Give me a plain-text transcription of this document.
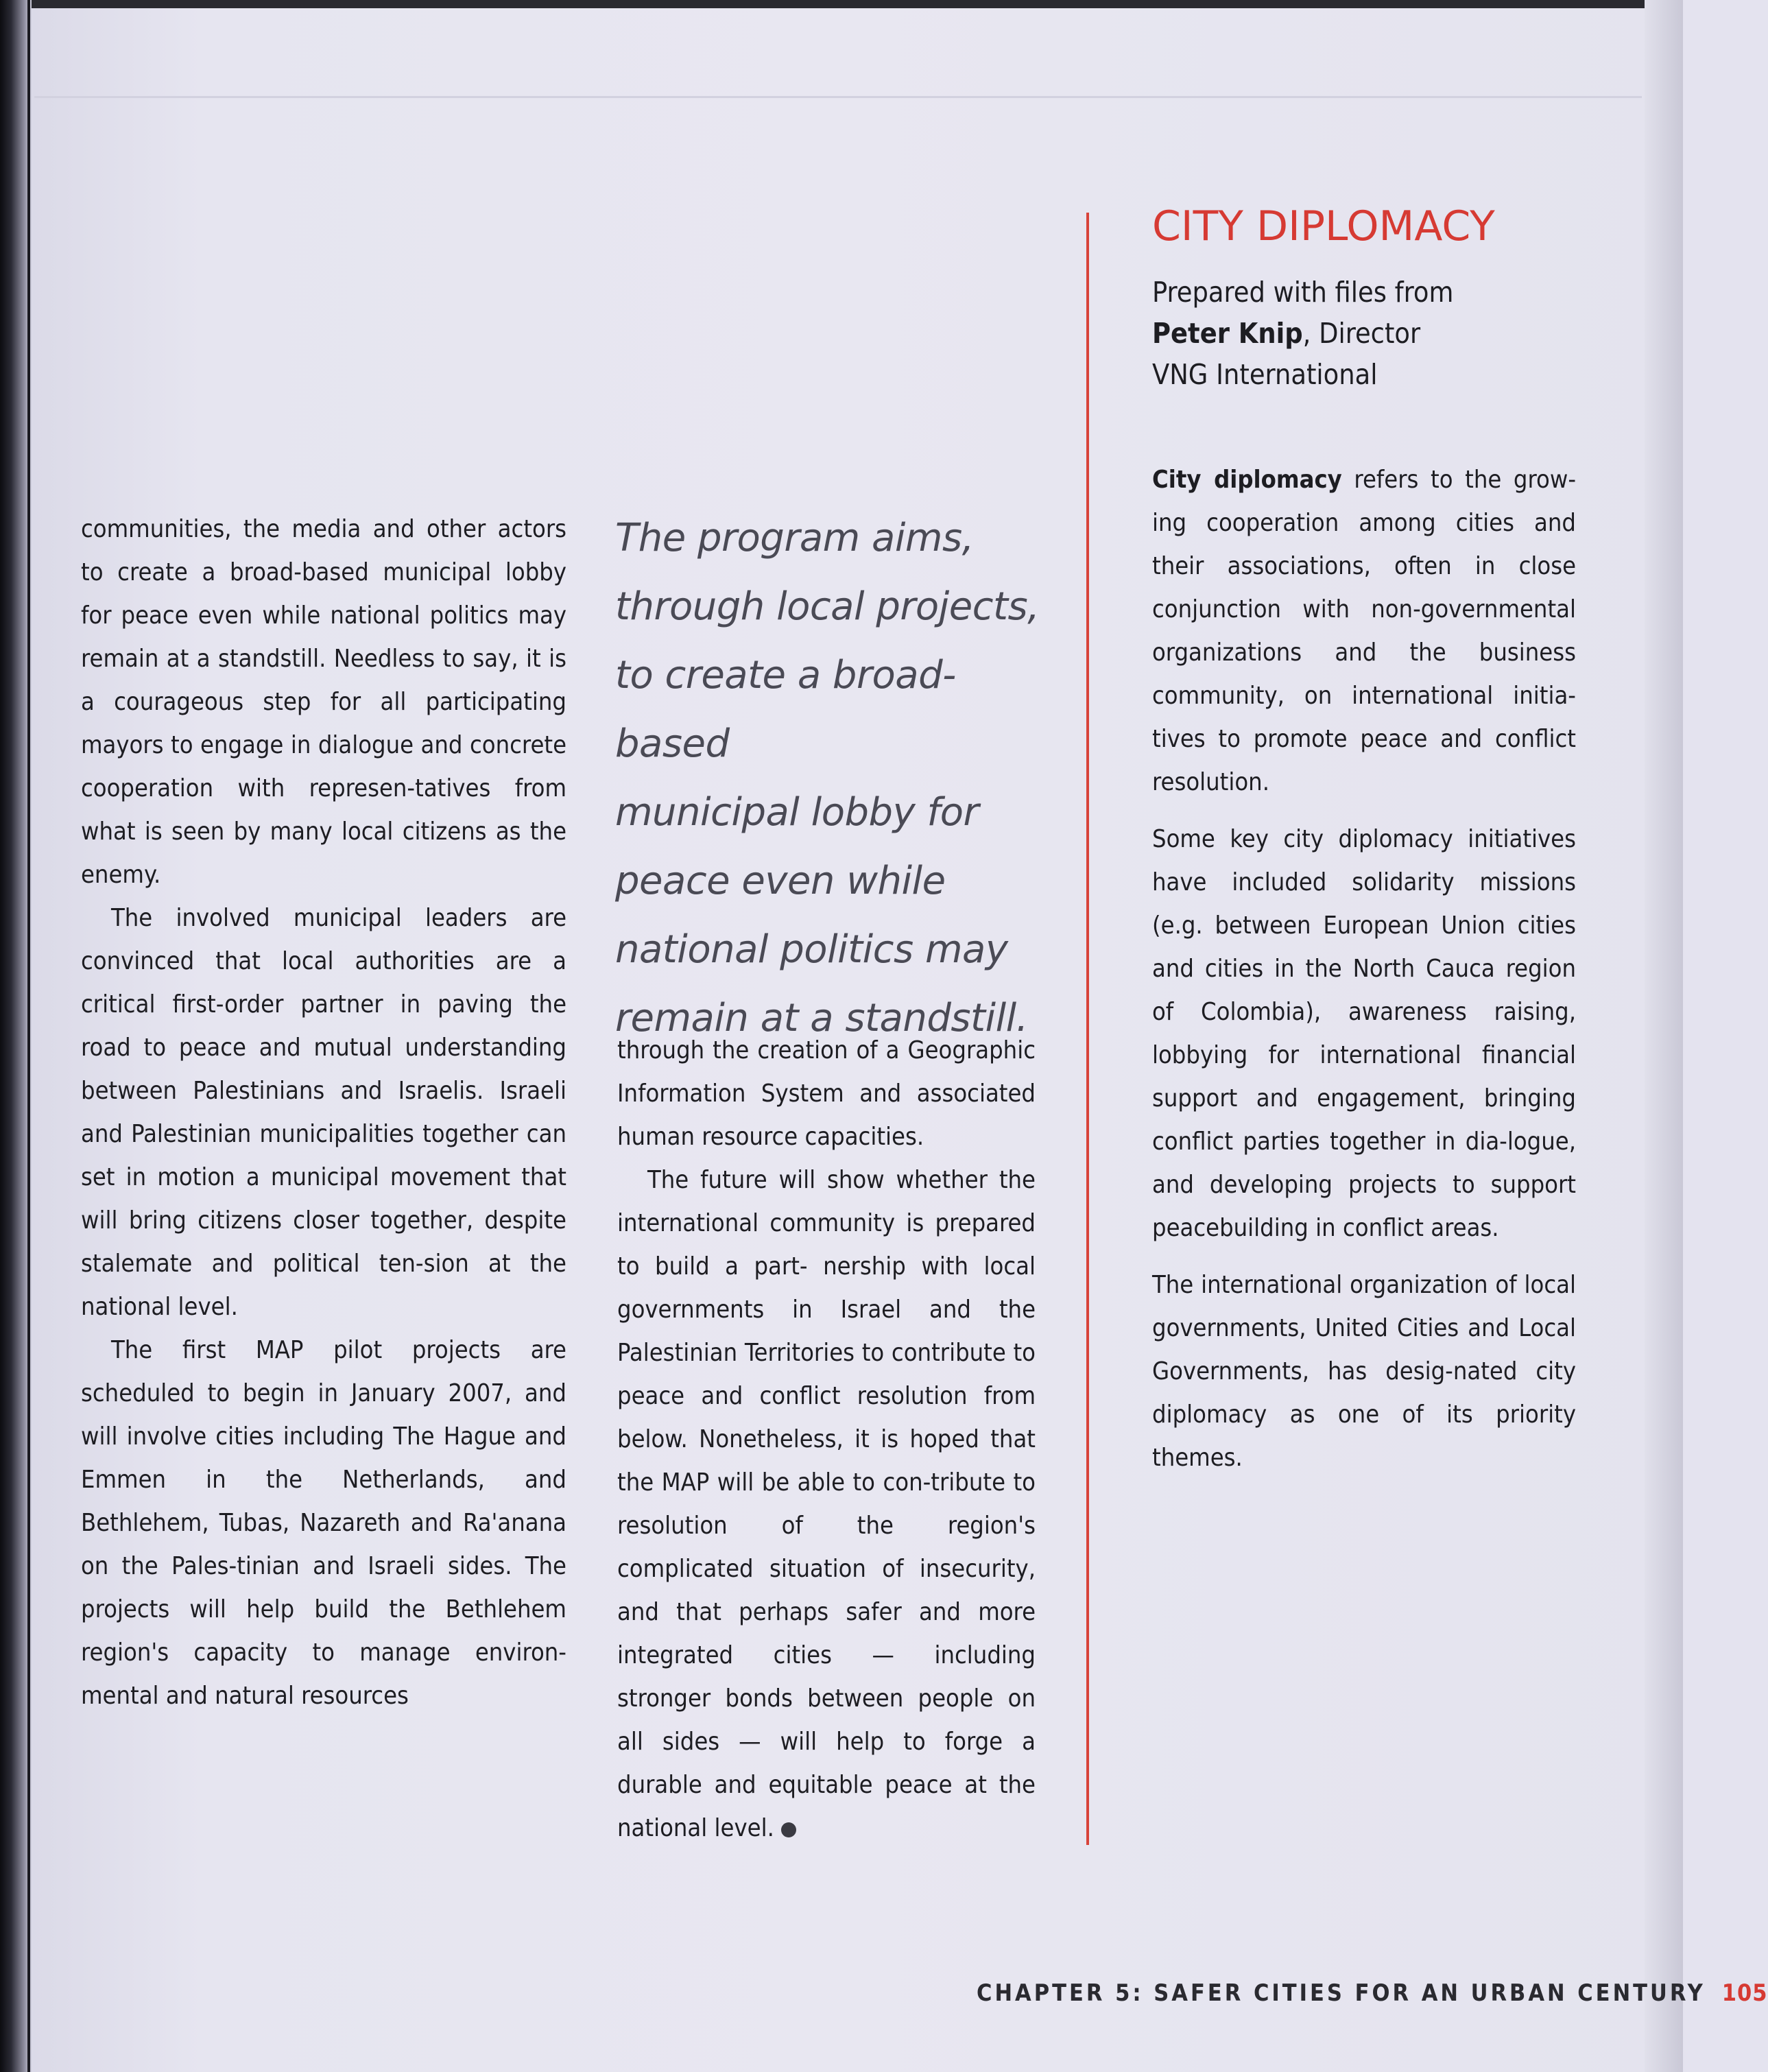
communities, the media and other actors to create a broad-based municipal lobby for peace even while national politics may remain at a standstill. Needless to say, it is a courageous step for all participating mayors to engage in dialogue and concrete cooperation with represen-tatives from what is seen by many local citizens as the enemy.

The involved municipal leaders are convinced that local authorities are a critical first-order partner in paving the road to peace and mutual understanding between Palestinians and Israelis. Israeli and Palestinian municipalities together can set in motion a municipal movement that will bring citizens closer together, despite stalemate and political ten-sion at the national level.

The first MAP pilot projects are scheduled to begin in January 2007, and will involve cities including The Hague and Emmen in the Netherlands, and Bethlehem, Tubas, Nazareth and Ra'anana on the Pales-tinian and Israeli sides. The projects will help build the Bethlehem region's capacity to manage environ-mental and natural resources

The program aims,

through local projects,

to create a broad-based

municipal lobby for

peace even while

national politics may

remain at a standstill.

through the creation of a Geographic Information System and associated human resource capacities.

The future will show whether the international community is prepared to build a part- nership with local governments in Israel and the Palestinian Territories to contribute to peace and conflict resolution from below. Nonetheless, it is hoped that the MAP will be able to con-tribute to resolution of the region's complicated situation of insecurity, and that perhaps safer and more integrated cities — including stronger bonds between people on all sides — will help to forge a durable and equitable peace at the national level.

CITY DIPLOMACY
Prepared with files from
Peter Knip, Director
VNG International

City diplomacy refers to the grow-ing cooperation among cities and their associations, often in close conjunction with non-governmental organizations and the business community, on international initia-tives to promote peace and conflict resolution.

Some key city diplomacy initiatives have included solidarity missions (e.g. between European Union cities and cities in the North Cauca region of Colombia), awareness raising, lobbying for international financial support and engagement, bringing conflict parties together in dia-logue, and developing projects to support peacebuilding in conflict areas.

The international organization of local governments, United Cities and Local Governments, has desig-nated city diplomacy as one of its priority themes.

CHAPTER 5: SAFER CITIES FOR AN URBAN CENTURY 105
